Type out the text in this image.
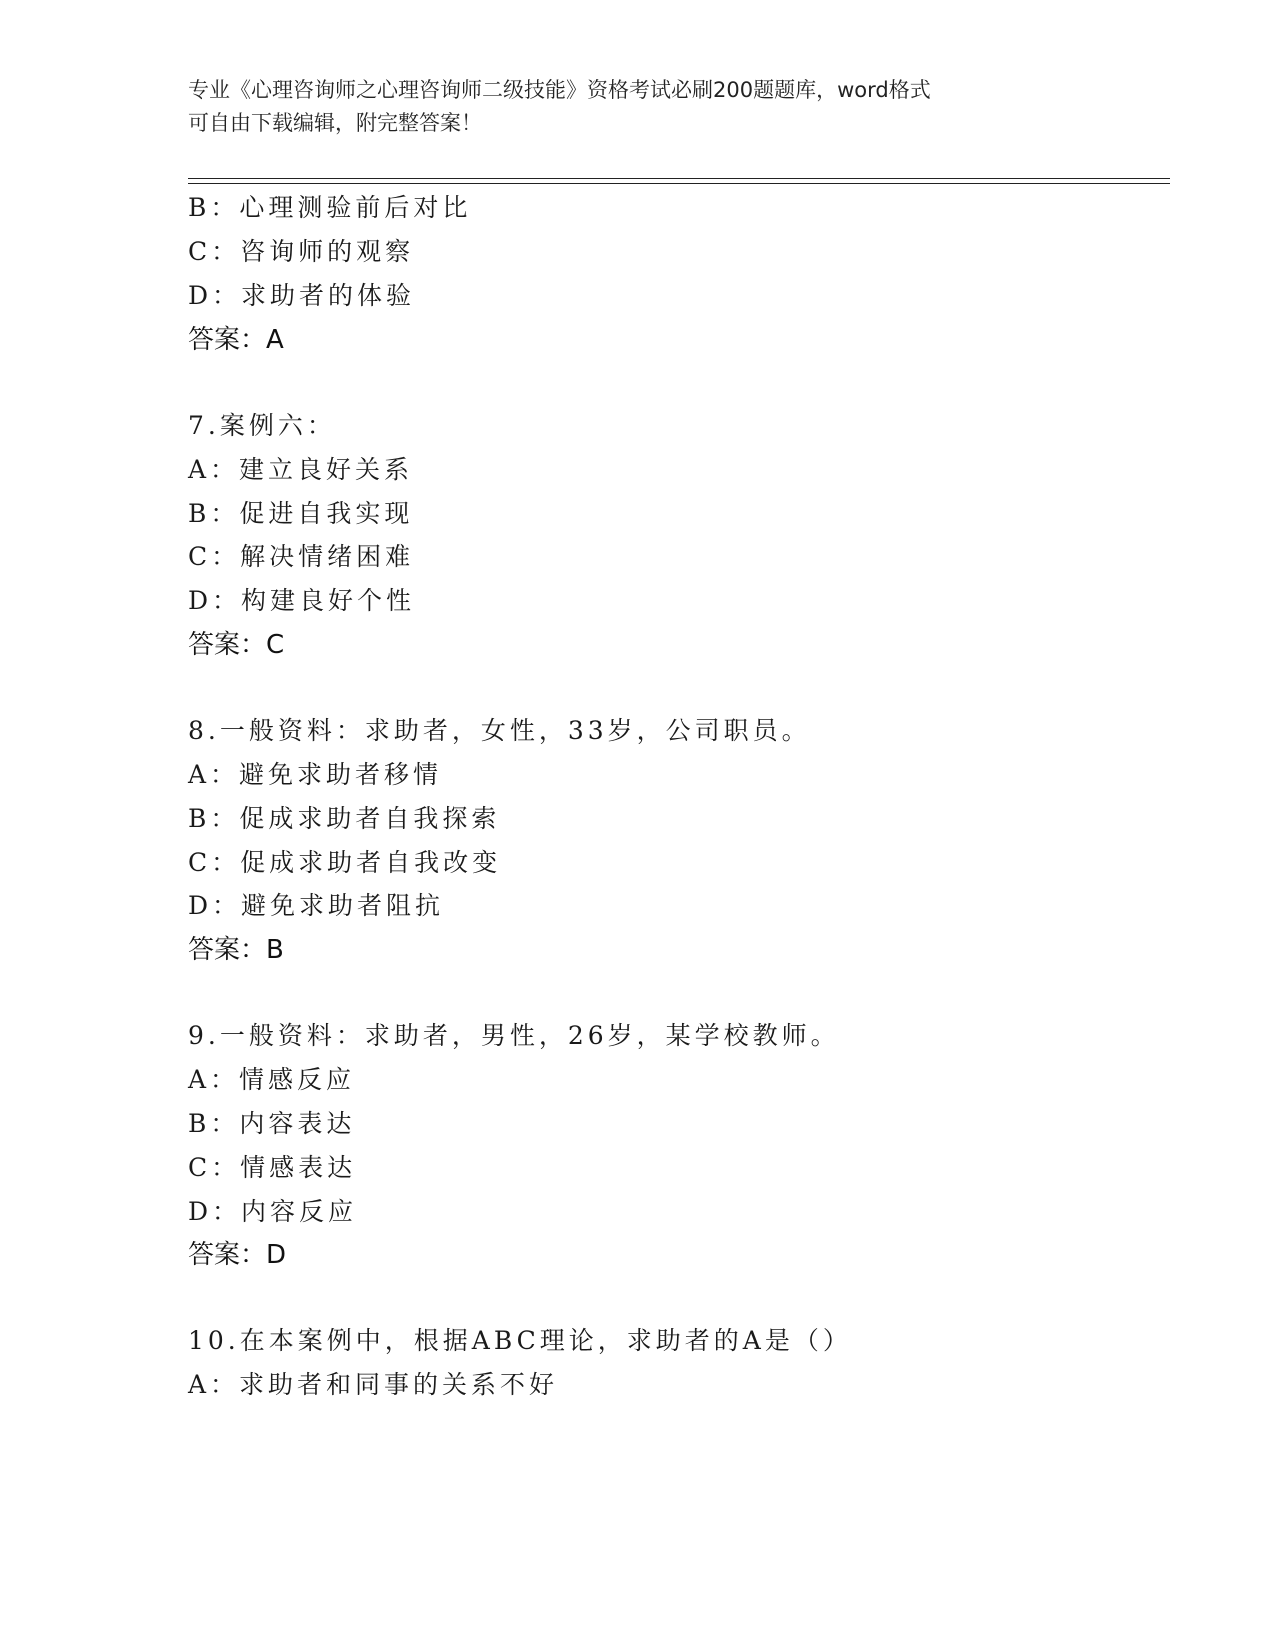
专业《心理咨询师之心理咨询师二级技能》资格考试必刷200题题库，word格式
可自由下载编辑，附完整答案！
B：心理测验前后对比
C：咨询师的观察
D：求助者的体验
答案：A
7.案例六：
A：建立良好关系
B：促进自我实现
C：解决情绪困难
D：构建良好个性
答案：C
8.一般资料：求助者，女性，33岁，公司职员。
A：避免求助者移情
B：促成求助者自我探索
C：促成求助者自我改变
D：避免求助者阻抗
答案：B
9.一般资料：求助者，男性，26岁，某学校教师。
A：情感反应
B：内容表达
C：情感表达
D：内容反应
答案：D
10.在本案例中，根据ABC理论，求助者的A是（）
A：求助者和同事的关系不好
